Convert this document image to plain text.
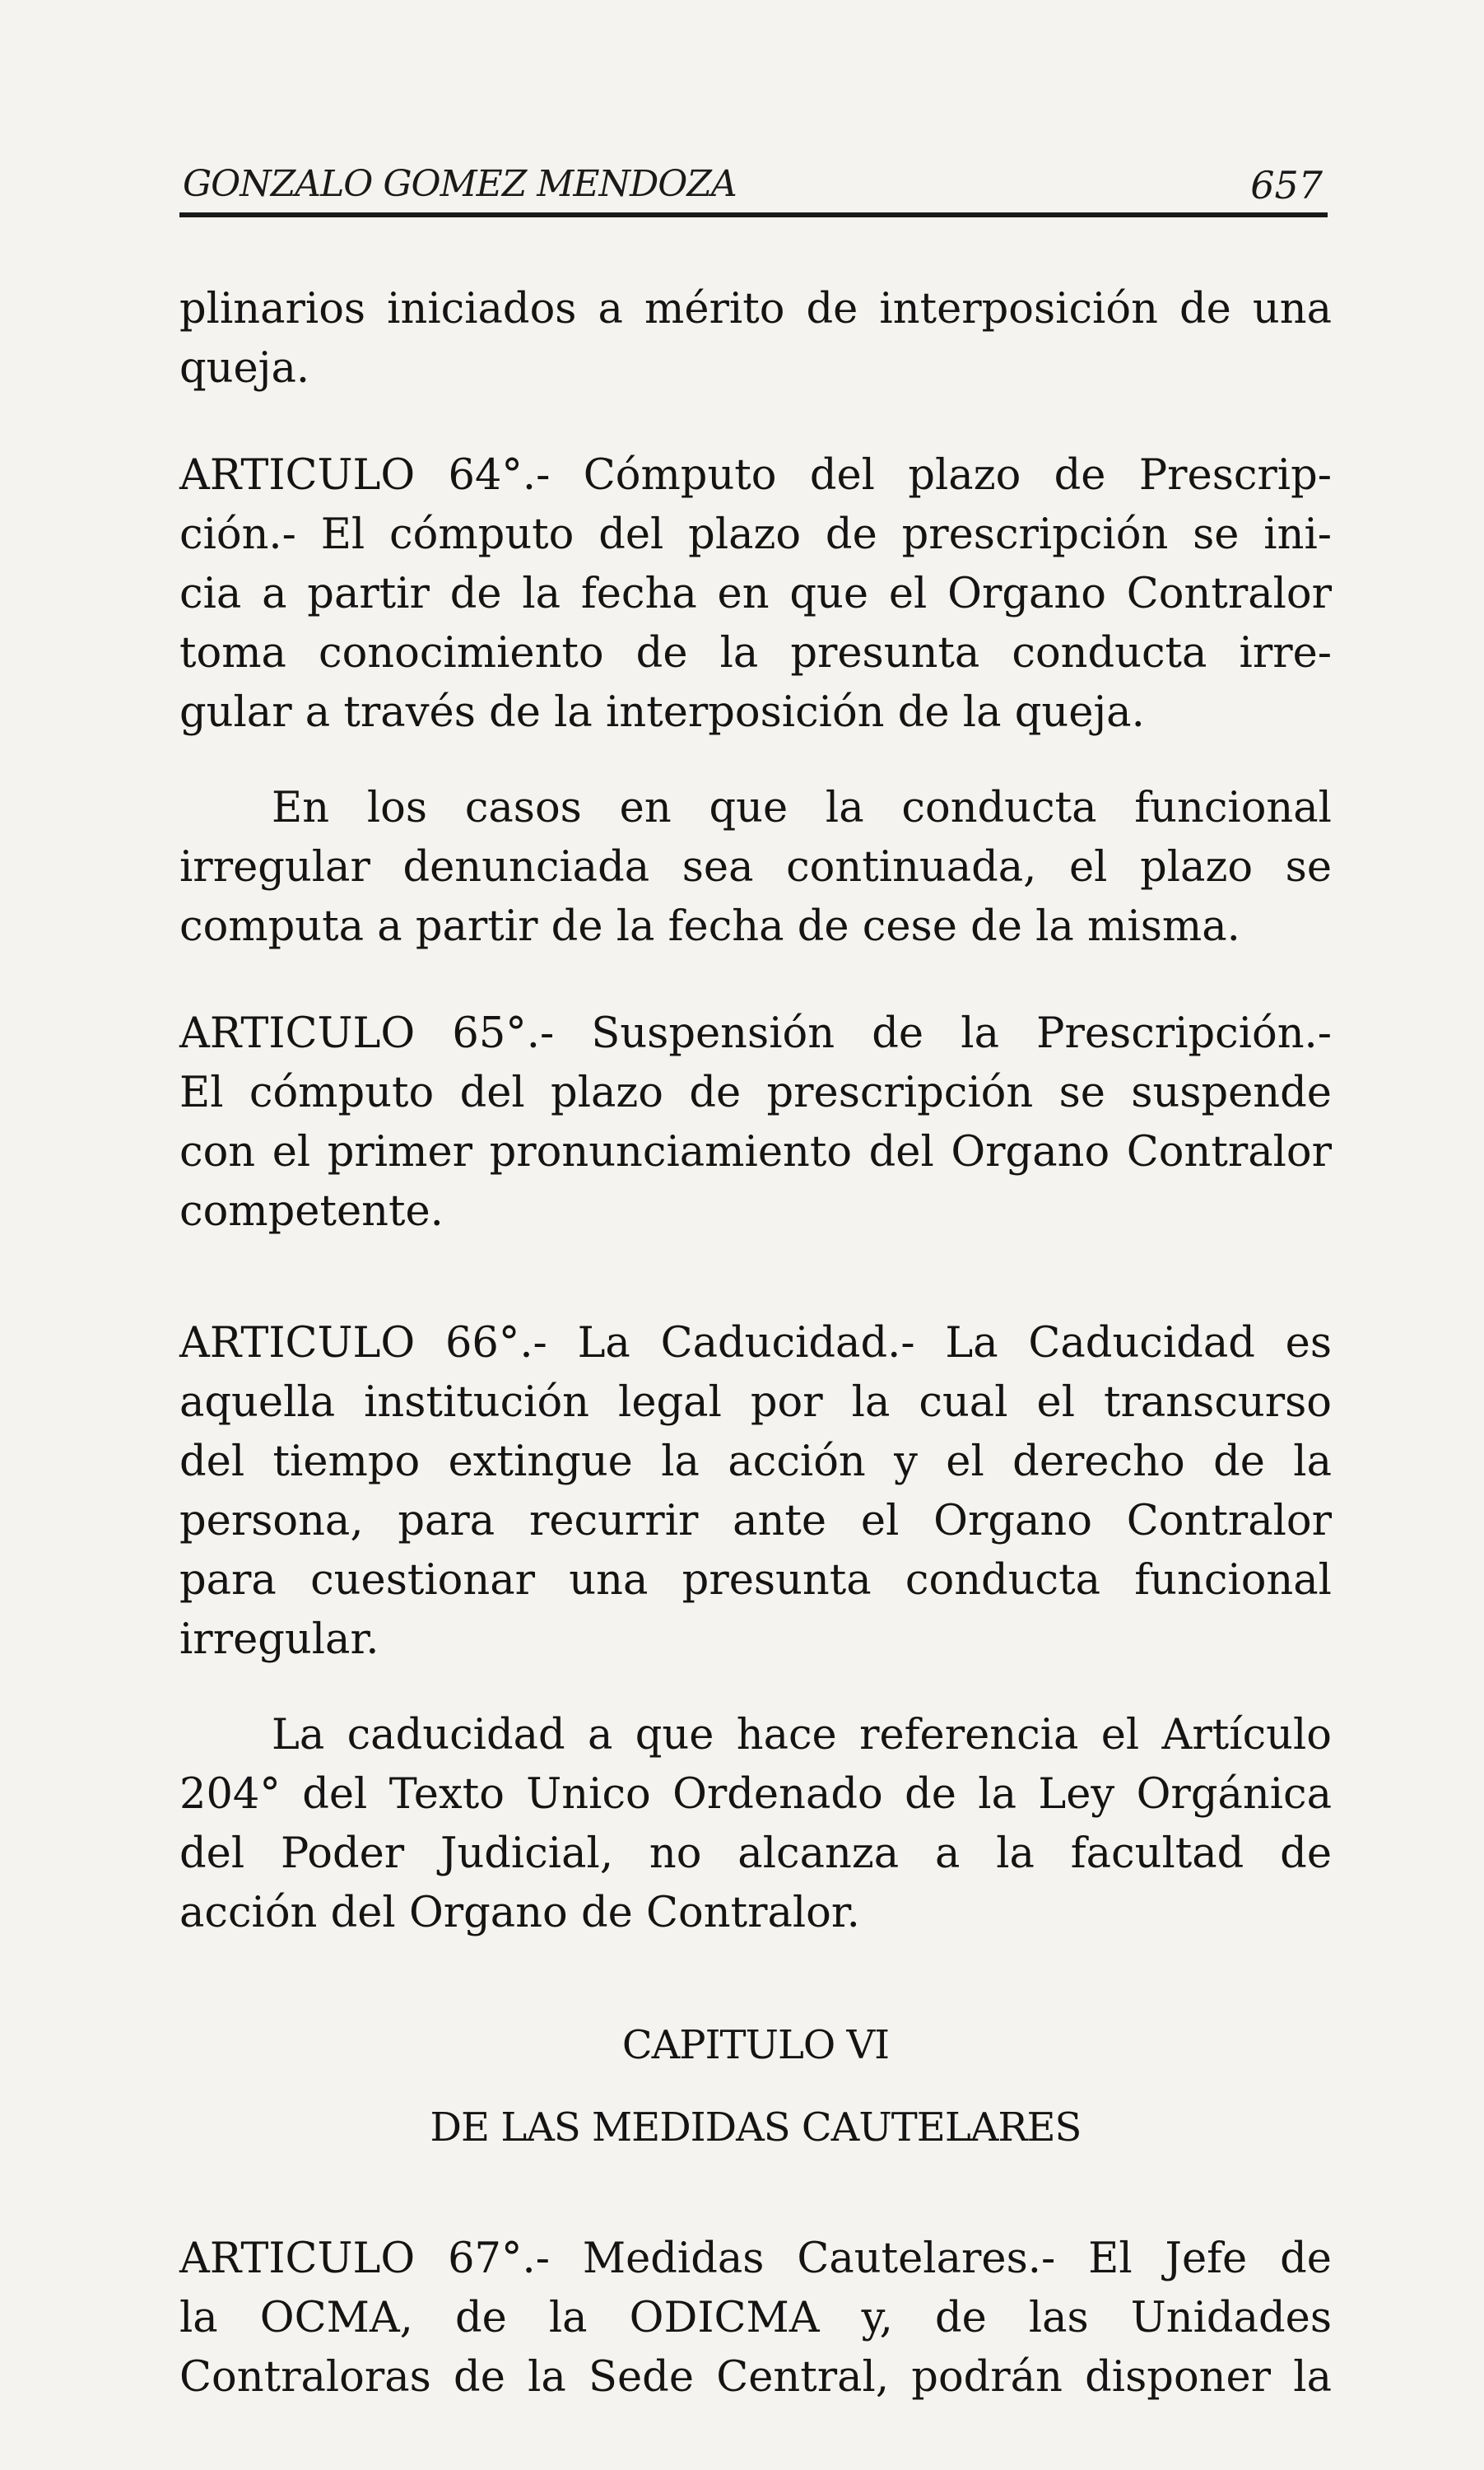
GONZALO GOMEZ MENDOZA	657
plinarios iniciados a mérito de interposición de una
queja.
ARTICULO 64°.- Cómputo del plazo de Prescrip-
ción.- El cómputo del plazo de prescripción se ini-
cia a partir de la fecha en que el Organo Contralor
toma conocimiento de la presunta conducta irre-
gular a través de la interposición de la queja.
En los casos en que la conducta funcional
irregular denunciada sea continuada, el plazo se
computa a partir de la fecha de cese de la misma.
ARTICULO 65°.- Suspensión de la Prescripción.-
El cómputo del plazo de prescripción se suspende
con el primer pronunciamiento del Organo Contralor
competente.
ARTICULO 66°.- La Caducidad.- La Caducidad es
aquella institución legal por la cual el transcurso
del tiempo extingue la acción y el derecho de la
persona, para recurrir ante el Organo Contralor
para cuestionar una presunta conducta funcional
irregular.
La caducidad a que hace referencia el Artículo
204° del Texto Unico Ordenado de la Ley Orgánica
del Poder Judicial, no alcanza a la facultad de
acción del Organo de Contralor.
CAPITULO VI
DE LAS MEDIDAS CAUTELARES
ARTICULO 67°.- Medidas Cautelares.- El Jefe de
la OCMA, de la ODICMA y, de las Unidades
Contraloras de la Sede Central, podrán disponer la
